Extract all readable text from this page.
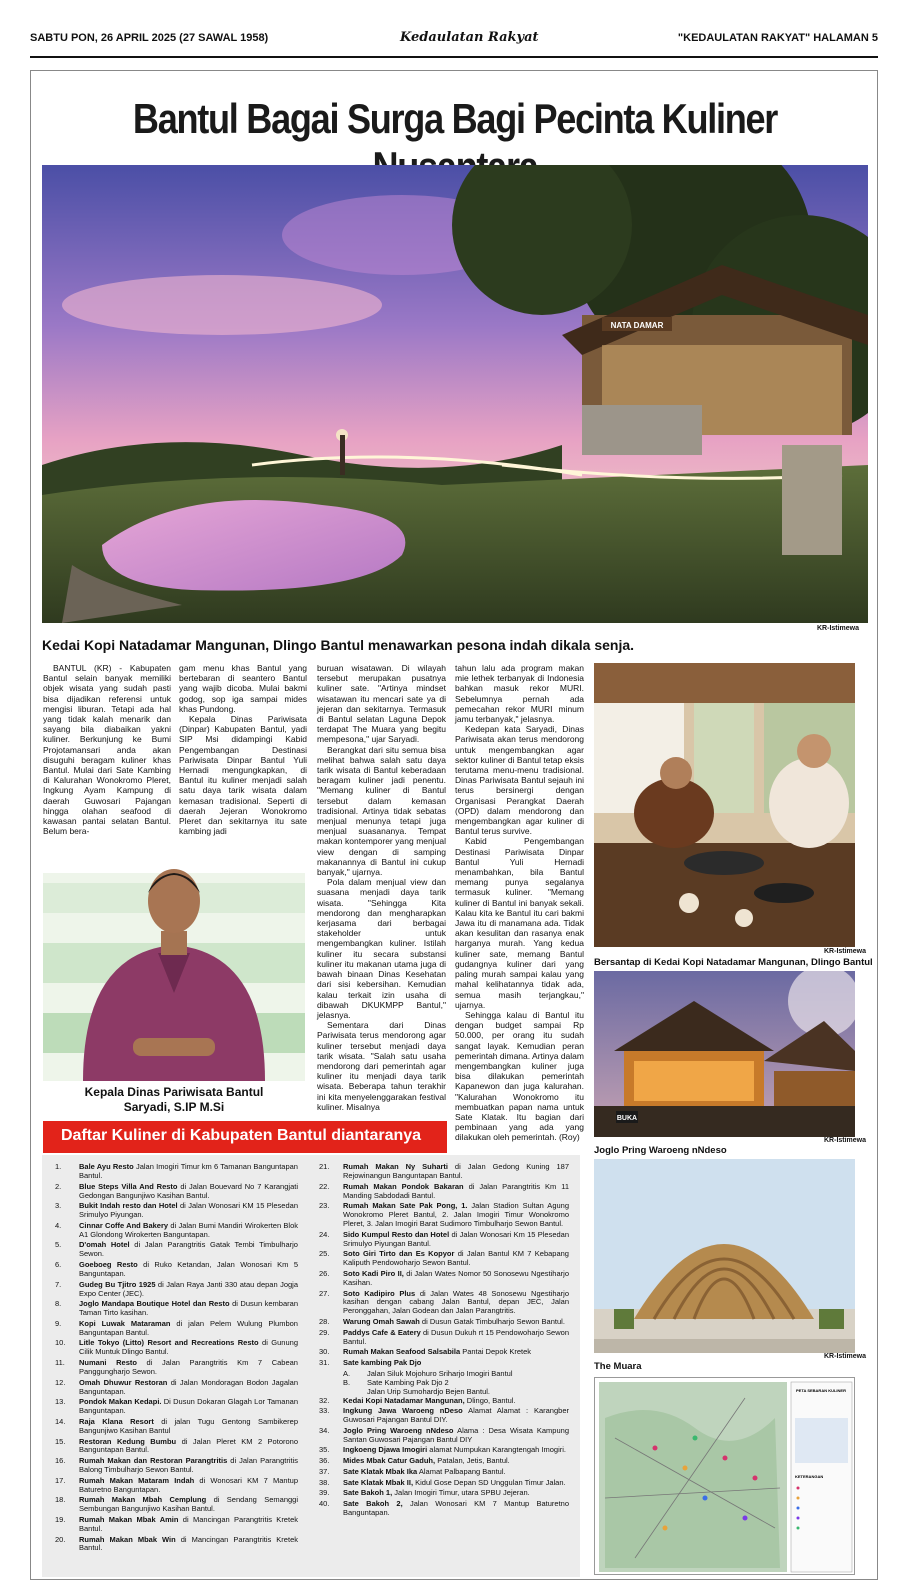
SABTU PON, 26 APRIL 2025 (27 SAWAL 1958)	Kedaulatan Rakyat	"KEDAULATAN RAKYAT" HALAMAN 5
Bantul Bagai Surga Bagi Pecinta Kuliner
NATA DAMAR
KR-Istimewa
Kedai Kopi Natadamar Mangunan, Dlingo Bantul menawarkan pesona indah dikala senja.

BANTUL (KR) - Kabupaten Bantul selain banyak memiliki objek wisata yang sudah pasti bisa dijadikan referensi untuk mengisi liburan. Tetapi ada hal yang tidak kalah menarik dan sayang bila diabaikan yakni kuliner. Berkunjung ke Bumi Projotamansari anda akan disuguhi beragam kuliner khas Bantul. Mulai dari Sate Kambing di Kalurahan Wonokromo Pleret, Ingkung Ayam Kampung di daerah Guwosari Pajangan hingga olahan seafood di kawasan pantai selatan Bantul. Belum bera-

gam menu khas Bantul yang bertebaran di seantero Bantul yang wajib dicoba. Mulai bakmi godog, sop iga sampai mides khas Pundong.

Kepala Dinas Pariwisata (Dinpar) Kabupaten Bantul, yadi SIP Msi didampingi Kabid Pengembangan Destinasi Pariwisata Dinpar Bantul Yuli Hernadi mengungkapkan, di Bantul itu kuliner menjadi salah satu daya tarik wisata dalam kemasan tradisional. Seperti di daerah Jejeran Wonokromo Pleret dan sekitarnya itu sate kambing jadi

buruan wisatawan. Di wilayah tersebut merupakan pusatnya kuliner sate. "Artinya mindset wisatawan itu mencari sate ya di jejeran dan sekitarnya. Termasuk di Bantul selatan Laguna Depok terdapat The Muara yang begitu mempesona," ujar Saryadi.

Berangkat dari situ semua bisa melihat bahwa salah satu daya tarik wisata di Bantul keberadaan beragam kuliner jadi penentu. "Memang kuliner di Bantul tersebut dalam kemasan tradisional. Artinya tidak sebatas menjual menunya tetapi juga menjual suasananya. Tempat makan kontemporer yang menjual view dengan di samping makanannya di Bantul ini cukup banyak," ujarnya.

Pola dalam menjual view dan suasana menjadi daya tarik wisata. "Sehingga Kita mendorong dan mengharapkan kerjasama dari berbagai stakeholder untuk mengembangkan kuliner. Istilah kuliner itu secara substansi kuliner itu makanan utama juga di bawah binaan Dinas Kesehatan dari sisi kebersihan. Kemudian kalau terkait izin usaha di dibawah DKUKMPP Bantul," jelasnya.

Sementara dari Dinas Pariwisata terus mendorong agar kuliner tersebut menjadi daya tarik wisata. "Salah satu usaha mendorong dari pemerintah agar kuliner itu menjadi daya tarik wisata. Beberapa tahun terakhir ini kita menyelenggarakan festival kuliner. Misalnya

tahun lalu ada program makan mie lethek terbanyak di Indonesia bahkan masuk rekor MURI. Sebelumnya pernah ada pemecahan rekor MURI minum jamu terbanyak," jelasnya.

Kedepan kata Saryadi, Dinas Pariwisata akan terus mendorong untuk mengembangkan agar sektor kuliner di Bantul tetap eksis terutama menu-menu tradisional. Dinas Pariwisata Bantul sejauh ini terus bersinergi dengan Organisasi Perangkat Daerah (OPD) dalam mendorong dan mengembangkan agar kuliner di Bantul terus survive.

Kabid Pengembangan Destinasi Pariwisata Dinpar Bantul Yuli Hernadi menambahkan, bila Bantul memang punya segalanya termasuk kuliner. "Memang kuliner di Bantul ini banyak sekali. Kalau kita ke Bantul itu cari bakmi Jawa itu di manamana ada. Tidak akan kesulitan dan rasanya enak harganya murah. Yang kedua kuliner sate, memang Bantul gudangnya kuliner dari yang paling murah sampai kalau yang mahal kelihatannya tidak ada, semua masih terjangkau," ujarnya.

Sehingga kalau di Bantul itu dengan budget sampai Rp 50.000, per orang itu sudah sangat layak. Kemudian peran pemerintah dimana. Artinya dalam mengembangkan kuliner juga bisa dilakukan pemerintah Kapanewon dan juga kalurahan. "Kalurahan Wonokromo itu membuatkan papan nama untuk Sate Klatak. Itu bagian dari pembinaan yang ada yang dilakukan oleh pemerintah. (Roy)

Kepala Dinas Pariwisata Bantul
Saryadi, S.IP M.Si
Daftar Kuliner di Kabupaten Bantul diantaranya
1.	Bale Ayu Resto Jalan Imogiri Timur km 6 Tamanan Banguntapan Bantul.
2.	Blue Steps Villa And Resto di Jalan Bouevard No 7 Karangjati Gedongan Bangunjiwo Kasihan Bantul.
3.	Bukit Indah resto dan Hotel di Jalan Wonosari KM 15 Plesedan Srimulyo Piyungan.
4.	Cinnar Coffe And Bakery di Jalan Bumi Mandiri Wirokerten Blok A1 Glondong Wirokerten Banguntapan.
5.	D'omah Hotel di Jalan Parangtritis Gatak Tembi Timbulharjo Sewon.
6.	Goeboeg Resto di Ruko Ketandan, Jalan Wonosari Km 5 Banguntapan.
7.	Gudeg Bu Tjitro 1925 di Jalan Raya Janti 330 atau depan Jogja Expo Center (JEC).
8.	Joglo Mandapa Boutique Hotel dan Resto di Dusun kembaran Taman Tirto kasihan.
9.	Kopi Luwak Mataraman di jalan Pelem Wulung Plumbon Banguntapan Bantul.
10.	Litle Tokyo (Litto) Resort and Recreations Resto di Gunung Cilik Muntuk Dlingo Bantul.
11.	Numani Resto di Jalan Parangtritis Km 7 Cabean Panggungharjo Sewon.
12.	Omah Dhuwur Restoran di Jalan Mondoragan Bodon Jagalan Banguntapan.
13.	Pondok Makan Kedapi. Di Dusun Dokaran Glagah Lor Tamanan Banguntapan.
14.	Raja Klana Resort di jalan Tugu Gentong Sambikerep Bangunjiwo Kasihan Bantul
15.	Restoran Kedung Bumbu di Jalan Pleret KM 2 Potorono Banguntapan Bantul.
16.	Rumah Makan dan Restoran Parangtritis di Jalan Parangtritis Balong Timbulharjo Sewon Bantul.
17.	Rumah Makan Mataram Indah di Wonosari KM 7 Mantup Baturetno Banguntapan.
18.	Rumah Makan Mbah Cemplung di Sendang Semanggi Sembungan Bangunjiwo Kasihan Bantul.
19.	Rumah Makan Mbak Amin di Mancingan Parangtritis Kretek Bantul.
20.	Rumah Makan Mbak Win di Mancingan Parangtritis Kretek Bantul.
21.	Rumah Makan Ny Suharti di Jalan Gedong Kuning 187 Rejowinangun Banguntapan Bantul.
22.	Rumah Makan Pondok Bakaran di Jalan Parangtritis Km 11 Manding Sabdodadi Bantul.
23.	Rumah Makan Sate Pak Pong, 1. Jalan Stadion Sultan Agung Wonokromo Pleret Bantul, 2. Jalan Imogiri Timur Wonokromo Pleret, 3. Jalan Imogiri Barat Sudimoro Timbulharjo Sewon Bantul.
24.	Sido Kumpul Resto dan Hotel di Jalan Wonosari Km 15 Plesedan Srimulyo Piyungan Bantul.
25.	Soto Giri Tirto dan Es Kopyor di Jalan Bantul KM 7 Kebapang Kaliputh Pendowoharjo Sewon Bantul.
26.	Soto Kadi Piro II, di Jalan Wates Nomor 50 Sonosewu Ngestiharjo Kasihan.
27.	Soto Kadipiro Plus di Jalan Wates 48 Sonosewu Ngestiharjo kasihan dengan cabang Jalan Bantul, depan JEC, Jalan Peronggahan, Jalan Godean dan Jalan Parangtritis.
28.	Warung Omah Sawah di Dusun Gatak Timbulharjo Sewon Bantul.
29.	Paddys Cafe & Eatery di Dusun Dukuh rt 15 Pendowoharjo Sewon Bantul.
30.	Rumah Makan Seafood Salsabila Pantai Depok Kretek
31.	Sate kambing Pak Djo
A.	Jalan Siluk Mojohuro Sriharjo Imogiri Bantul
B.	Sate Kambing Pak Djo 2
Jalan Urip Sumohardjo Bejen Bantul.
32.	Kedai Kopi Natadamar Mangunan, Dlingo, Bantul.
33.	Ingkung Jawa Waroeng nDeso Alamat Alamat : Karangber Guwosari Pajangan Bantul DIY.
34.	Joglo Pring Waroeng nNdeso Alama : Desa Wisata Kampung Santan Guwosari Pajangan Bantul DIY
35.	Ingkoeng Djawa Imogiri alamat Numpukan Karangtengah Imogiri.
36.	Mides Mbak Catur Gaduh, Patalan, Jetis, Bantul.
37.	Sate Klatak Mbak Ika Alamat Palbapang Bantul.
38.	Sate Klatak Mbak II, Kidul Gose Depan SD Unggulan Timur Jalan.
39.	Sate Bakoh 1, Jalan Imogiri Timur, utara SPBU Jejeran.
40.	Sate Bakoh 2, Jalan Wonosari KM 7 Mantup Baturetno Banguntapan.
KR-Istimewa
Bersantap di Kedai Kopi Natadamar Mangunan, Dlingo Bantul
BUKA
KR-Istimewa
Joglo Pring Waroeng nNdeso
KR-Istimewa
The Muara
PETA SEBARAN KULINER
KETERANGAN
